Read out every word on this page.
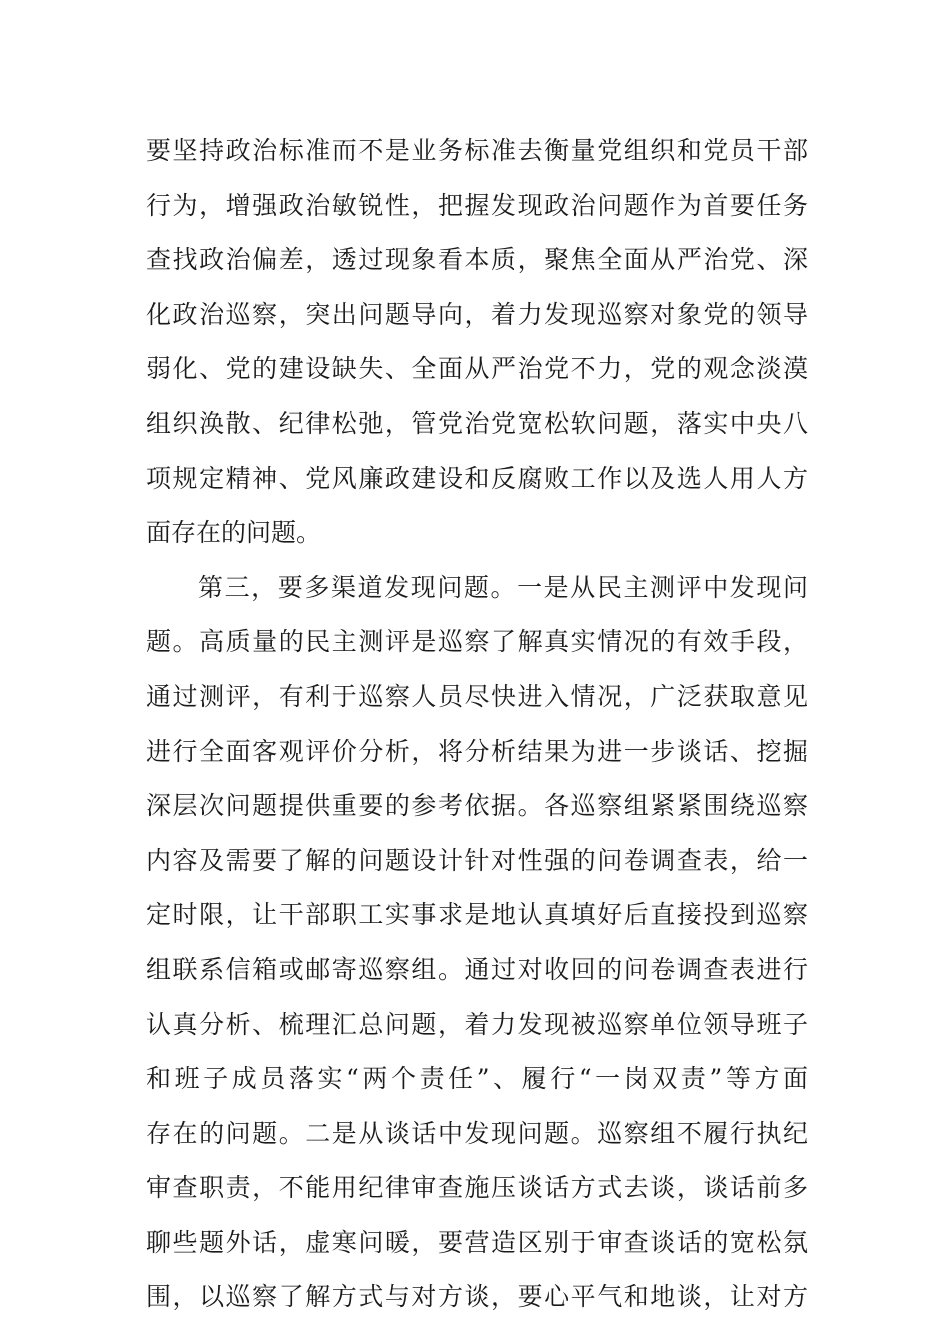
要坚持政治标准而不是业务标准去衡量党组织和党员干部
行为，增强政治敏锐性，把握发现政治问题作为首要任务
查找政治偏差，透过现象看本质，聚焦全面从严治党、深
化政治巡察，突出问题导向，着力发现巡察对象党的领导
弱化、党的建设缺失、全面从严治党不力，党的观念淡漠
组织涣散、纪律松弛，管党治党宽松软问题，落实中央八
项规定精神、党风廉政建设和反腐败工作以及选人用人方
面存在的问题。
第三，要多渠道发现问题。一是从民主测评中发现问
题。高质量的民主测评是巡察了解真实情况的有效手段，
通过测评，有利于巡察人员尽快进入情况，广泛获取意见
进行全面客观评价分析，将分析结果为进一步谈话、挖掘
深层次问题提供重要的参考依据。各巡察组紧紧围绕巡察
内容及需要了解的问题设计针对性强的问卷调查表，给一
定时限，让干部职工实事求是地认真填好后直接投到巡察
组联系信箱或邮寄巡察组。通过对收回的问卷调查表进行
认真分析、梳理汇总问题，着力发现被巡察单位领导班子
和班子成员落实“两个责任”、履行“一岗双责”等方面
存在的问题。二是从谈话中发现问题。巡察组不履行执纪
审查职责，不能用纪律审查施压谈话方式去谈，谈话前多
聊些题外话，虚寒问暖，要营造区别于审查谈话的宽松氛
围，以巡察了解方式与对方谈，要心平气和地谈，让对方
